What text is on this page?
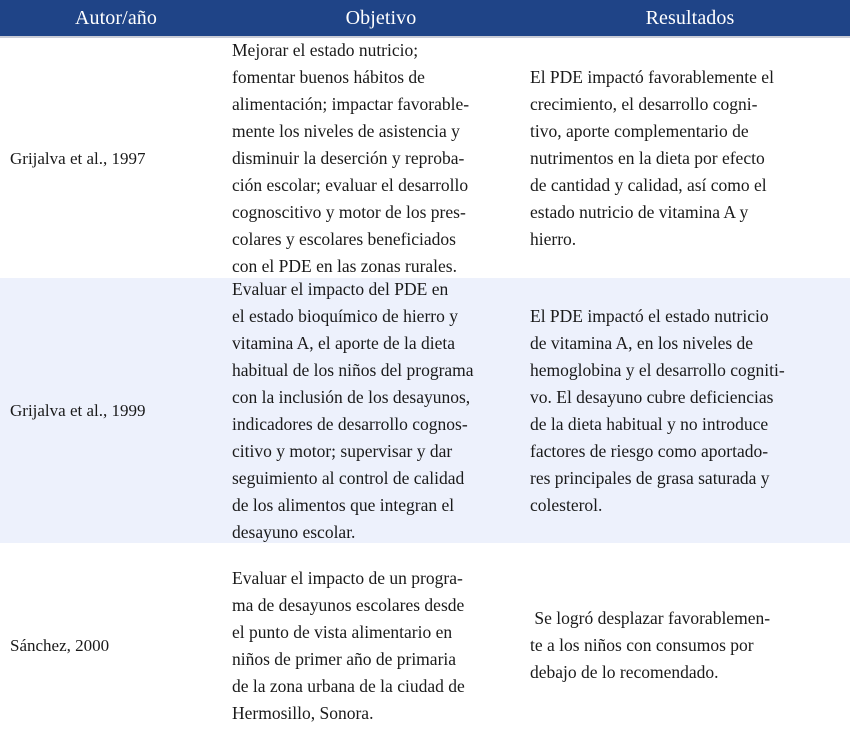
Autor/año	Objetivo	Resultados
Grijalva et al., 1997

Mejorar el estado nutricio;
fomentar buenos hábitos de
alimentación; impactar favorable-
mente los niveles de asistencia y
disminuir la deserción y reproba-
ción escolar; evaluar el desarrollo
cognoscitivo y motor de los pres-
colares y escolares beneficiados
con el PDE en las zonas rurales.

El PDE impactó favorablemente el
crecimiento, el desarrollo cogni-
tivo, aporte complementario de
nutrimentos en la dieta por efecto
de cantidad y calidad, así como el
estado nutricio de vitamina A y
hierro.

Grijalva et al., 1999

Evaluar el impacto del PDE en
el estado bioquímico de hierro y
vitamina A, el aporte de la dieta
habitual de los niños del programa
con la inclusión de los desayunos,
indicadores de desarrollo cognos-
citivo y motor; supervisar y dar
seguimiento al control de calidad
de los alimentos que integran el
desayuno escolar.

El PDE impactó el estado nutricio
de vitamina A, en los niveles de
hemoglobina y el desarrollo cogniti-
vo. El desayuno cubre deficiencias
de la dieta habitual y no introduce
factores de riesgo como aportado-
res principales de grasa saturada y
colesterol.

Sánchez, 2000

Evaluar el impacto de un progra-
ma de desayunos escolares desde
el punto de vista alimentario en
niños de primer año de primaria
de la zona urbana de la ciudad de
Hermosillo, Sonora.

Se logró desplazar favorablemen-
te a los niños con consumos por
debajo de lo recomendado.
